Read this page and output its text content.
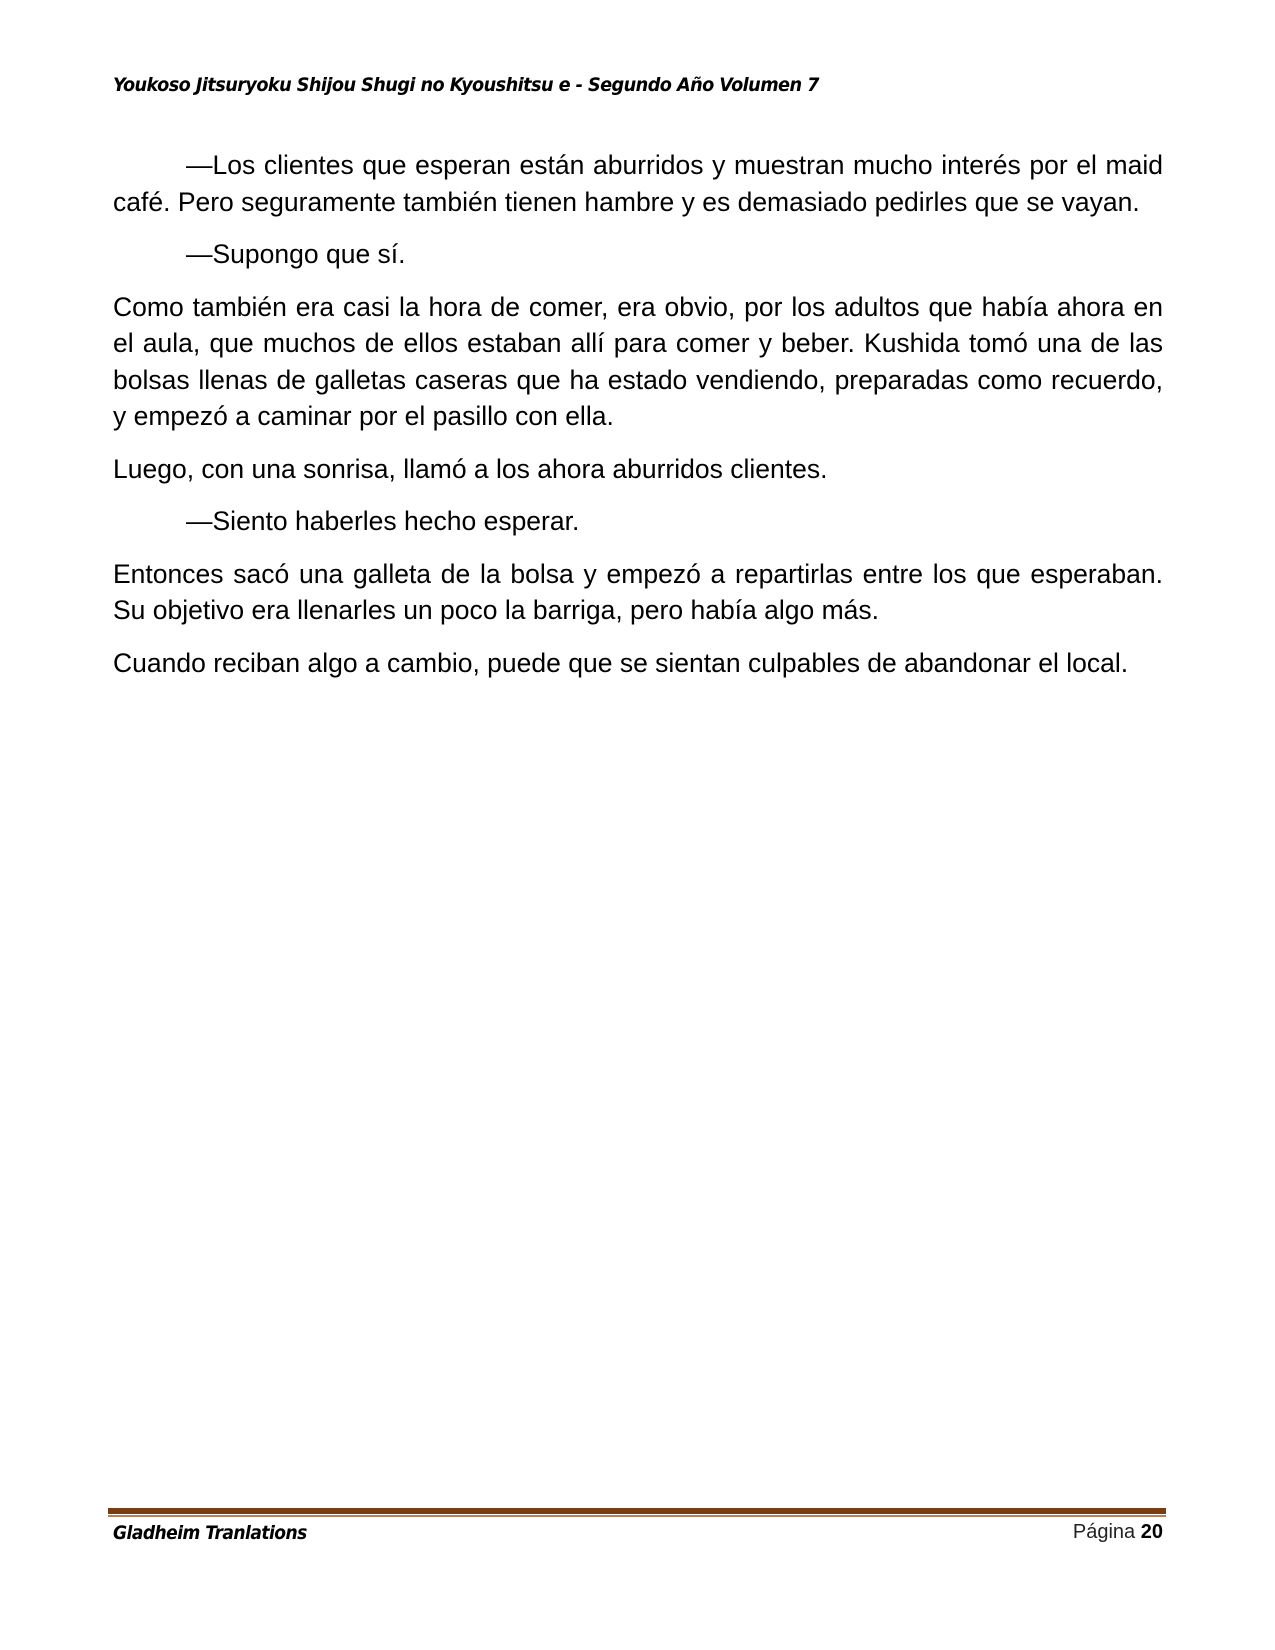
Youkoso Jitsuryoku Shijou Shugi no Kyoushitsu e - Segundo Año Volumen 7

—Los clientes que esperan están aburridos y muestran mucho interés por el maid café. Pero seguramente también tienen hambre y es demasiado pedirles que se vayan.

—Supongo que sí.

Como también era casi la hora de comer, era obvio, por los adultos que había ahora en el aula, que muchos de ellos estaban allí para comer y beber. Kushida tomó una de las bolsas llenas de galletas caseras que ha estado vendiendo, preparadas como recuerdo, y empezó a caminar por el pasillo con ella.

Luego, con una sonrisa, llamó a los ahora aburridos clientes.

—Siento haberles hecho esperar.

Entonces sacó una galleta de la bolsa y empezó a repartirlas entre los que esperaban. Su objetivo era llenarles un poco la barriga, pero había algo más.

Cuando reciban algo a cambio, puede que se sientan culpables de abandonar el local.

Gladheim Tranlations	Página 20
